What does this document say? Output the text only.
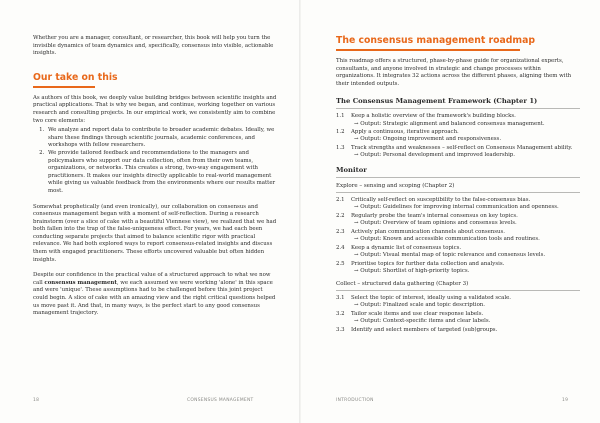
Whether you are a manager, consultant, or researcher, this book will help you turn the invisible dynamics of team dynamics and, specifically, consensus into visible, actionable insights.

Our take on this

As authors of this book, we deeply value building bridges between scientific insights and practical applications. That is why we began, and continue, working together on various research and consulting projects. In our empirical work, we consistently aim to combine two core elements:

1. We analyze and report data to contribute to broader academic debates. Ideally, we share these findings through scientific journals, academic conferences, and workshops with fellow researchers.
2. We provide tailored feedback and recommendations to the managers and policymakers who support our data collection, often from their own teams, organizations, or networks. This creates a strong, two-way engagement with practitioners. It makes our insights directly applicable to real-world management while giving us valuable feedback from the environments where our results matter most.

Somewhat prophetically (and even ironically), our collaboration on consensus and consensus management began with a moment of self-reflection. During a research brainstorm (over a slice of cake with a beautiful Viennese view), we realized that we had both fallen into the trap of the false-uniqueness effect. For years, we had each been conducting separate projects that aimed to balance scientific rigor with practical relevance. We had both explored ways to report consensus-related insights and discuss them with engaged practitioners. These efforts uncovered valuable but often hidden insights.

Despite our confidence in the practical value of a structured approach to what we now call consensus management, we each assumed we were working 'alone' in this space and were 'unique'. These assumptions had to be challenged before this joint project could begin. A slice of cake with an amazing view and the right critical questions helped us move past it. And that, in many ways, is the perfect start to any good consensus management trajectory.

18	CONSENSUS MANAGEMENT
The consensus management roadmap

This roadmap offers a structured, phase-by-phase guide for organizational experts, consultants, and anyone involved in strategic and change processes within organizations. It integrates 32 actions across the different phases, aligning them with their intended outputs.

The Consensus Management Framework (Chapter 1)
1.1 Keep a holistic overview of the framework's building blocks.
→ Output: Strategic alignment and balanced consensus management.
1.2 Apply a continuous, iterative approach.
→ Output: Ongoing improvement and responsiveness.
1.3 Track strengths and weaknesses – self-reflect on Consensus Management ability.
→ Output: Personal development and improved leadership.
Monitor
Explore – sensing and scoping (Chapter 2)
2.1 Critically self-reflect on susceptibility to the false-consensus bias.
→ Output: Guidelines for improving internal communication and openness.
2.2 Regularly probe the team's internal consensus on key topics.
→ Output: Overview of team opinions and consensus levels.
2.3 Actively plan communication channels about consensus.
→ Output: Known and accessible communication tools and routines.
2.4 Keep a dynamic list of consensus topics.
→ Output: Visual mental map of topic relevance and consensus levels.
2.5 Prioritise topics for further data collection and analysis.
→ Output: Shortlist of high-priority topics.
Collect – structured data gathering (Chapter 3)
3.1 Select the topic of interest, ideally using a validated scale.
→ Output: Finalized scale and topic description.
3.2 Tailor scale items and use clear response labels.
→ Output: Context-specific items and clear labels.
3.3 Identify and select members of targeted (sub)groups.
INTRODUCTION	19
